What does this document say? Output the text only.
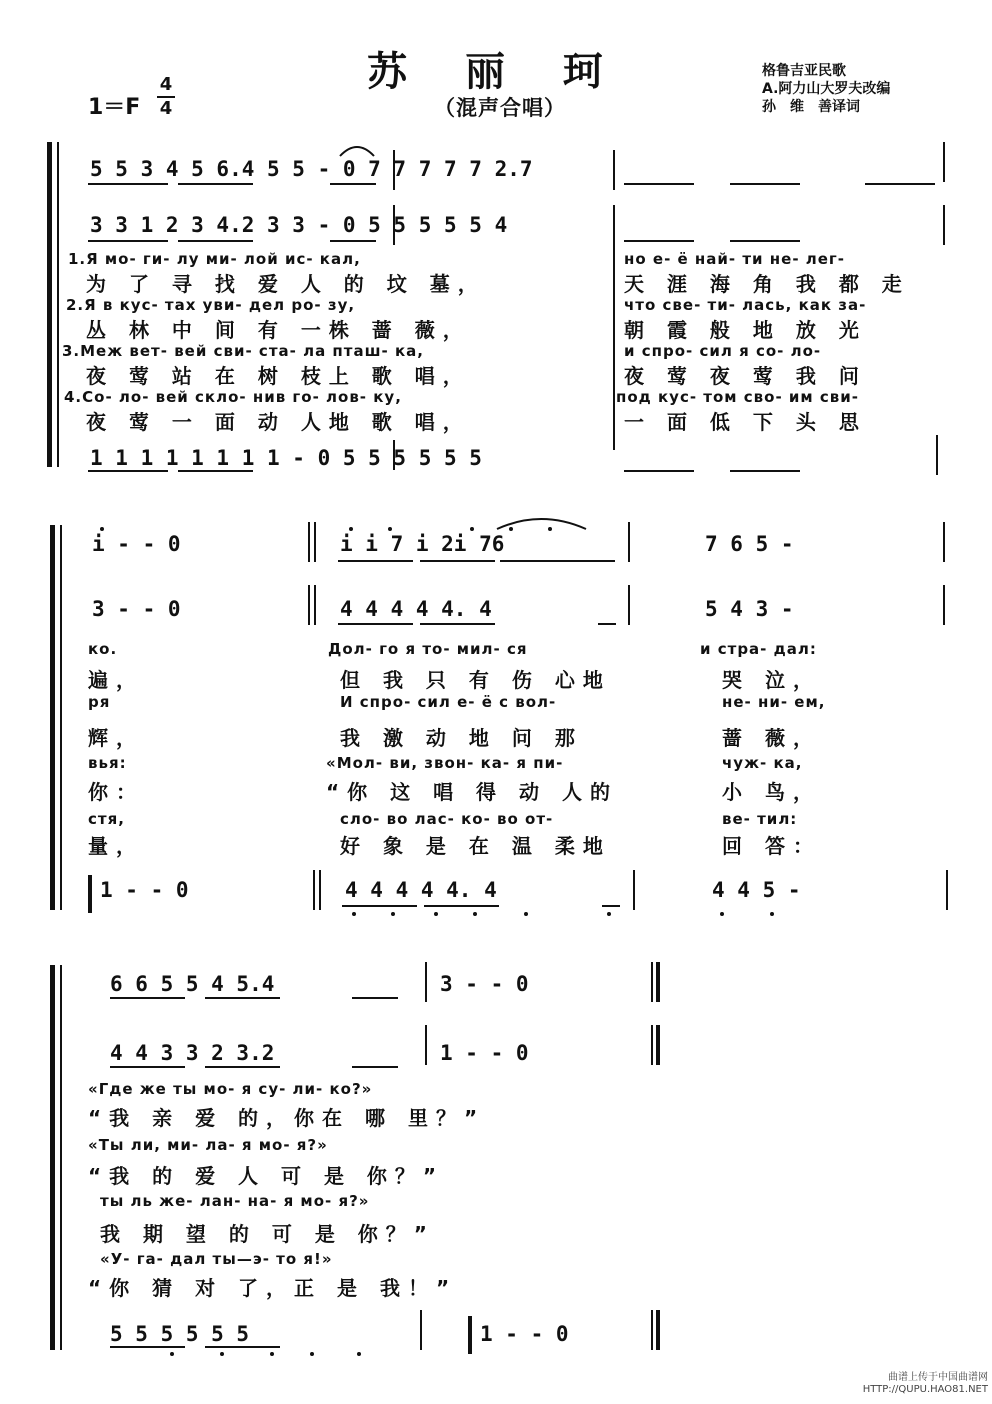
苏 丽 珂
（混声合唱）
1＝F
4
4
格鲁吉亚民歌
A.阿力山大罗夫改编
孙　维　善译词
5 5 3 4 5 6.4 5 5 - 0 7 7 7 7 7 2.7
3 3 1 2 3 4.2 3 3 - 0 5 5 5 5 5 4
1 1 1 1 1 1 1 1 - 0 5 5 5 5 5 5
1.Я мо- ги- лу ми- лой ис- кал,
为 了 寻 找 爱 人 的 坟 墓，
2.Я в кус- тах уви- дел ро- зу,
丛 林 中 间 有 一株 蔷 薇，
3.Меж вет- вей сви- ста- ла пташ- ка,
夜 莺 站 在 树 枝上 歌 唱，
4.Со- ло- вей скло- нив го- лов- ку,
夜 莺 一 面 动 人地 歌 唱，
но е- ё най- ти не- лег-
天 涯 海 角 我 都 走
что све- ти- лась, как за-
朝 霞 般 地 放 光
и спро- сил я со- ло-
夜 莺 夜 莺 我 问
под кус- том сво- им сви-
一 面 低 下 头 思
i - - 0	i i 7 i 2i 76	7 6 5 -
3 - - 0	4 4 4 4 4. 4	5 4 3 -
1 - - 0	4 4 4 4 4. 4	4 4 5 -
ко.
遍，
ря
辉，
вья:
你：
стя,
量，
Дол- го я то- мил- ся
但 我 只 有 伤 心地
И спро- сил е- ё с вол-
我 激 动 地 问 那
«Мол- ви, звон- ка- я пи-
“你 这 唱 得 动 人的
сло- во лас- ко- во от-
好 象 是 在 温 柔地
и стра- дал:
哭 泣，
не- ни- ем,
蔷 薇，
чуж- ка,
小 鸟，
ве- тил:
回 答：
6 6 5 5 4 5.4	3 - - 0
4 4 3 3 2 3.2	1 - - 0
5 5 5 5 5 5	1 - - 0
«Где же ты мо- я су- ли- ко?»
“我 亲 爱 的，你在 哪 里？”
«Ты ли, ми- ла- я мо- я?»
“我 的 爱 人 可 是 你？”
ты ль же- лан- на- я мо- я?»
我 期 望 的 可 是 你？”
«У- га- дал ты—э- то я!»
“你 猜 对 了，正 是 我！”
曲谱上传于中国曲谱网
HTTP://QUPU.HAO81.NET
